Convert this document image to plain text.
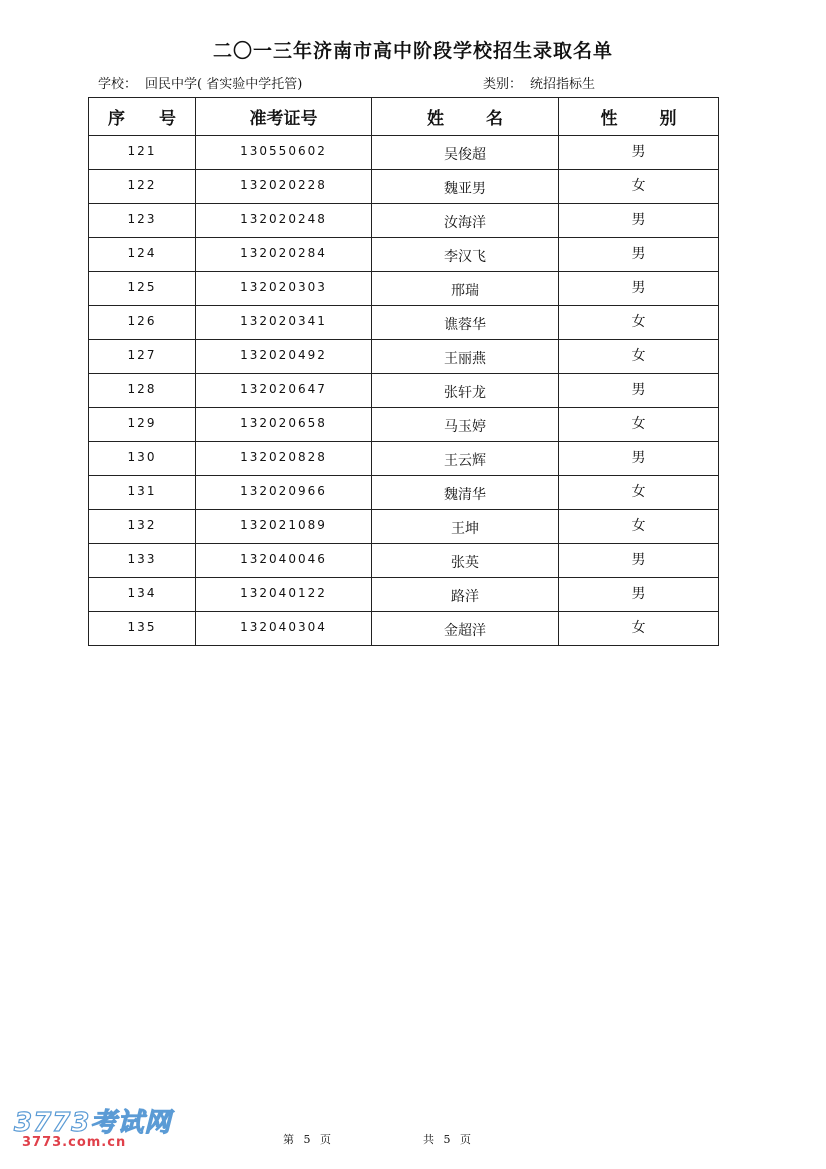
二〇一三年济南市高中阶段学校招生录取名单
学校： 回民中学( 省实验中学托管)	类别： 统招指标生
序 号	准考证号	姓 名	性 别
121	130550602	吴俊超	男
122	132020228	魏亚男	女
123	132020248	汝海洋	男
124	132020284	李汉飞	男
125	132020303	邢瑞	男
126	132020341	谯蓉华	女
127	132020492	王丽燕	女
128	132020647	张轩龙	男
129	132020658	马玉婷	女
130	132020828	王云辉	男
131	132020966	魏清华	女
132	132021089	王坤	女
133	132040046	张英	男
134	132040122	路洋	男
135	132040304	金超洋	女
3773考试网
3773.com.cn	第 5 页	共 5 页
